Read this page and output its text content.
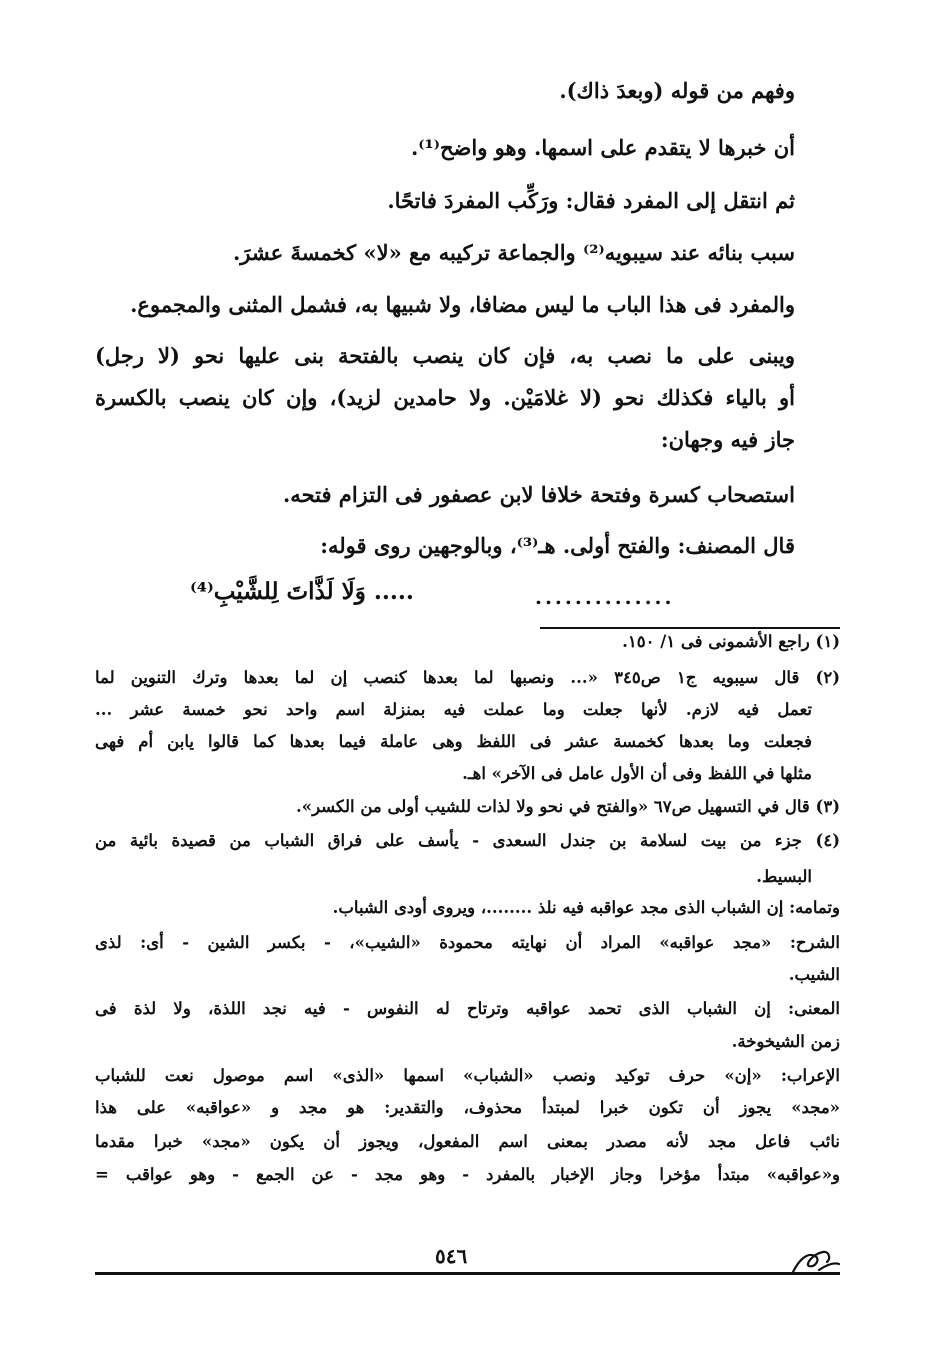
وفهم من قوله (وبعدَ ذاك).
أن خبرها لا يتقدم على اسمها. وهو واضح⁽¹⁾.
ثم انتقل إلى المفرد فقال: ورَكِّب المفردَ فاتحًا.
سبب بنائه عند سيبويه⁽²⁾ والجماعة تركيبه مع «لا» كخمسةَ عشرَ.
والمفرد فى هذا الباب ما ليس مضافا، ولا شبيها به، فشمل المثنى والمجموع.
ويبنى على ما نصب به، فإن كان ينصب بالفتحة بنى عليها نحو (لا رجل)
أو بالياء فكذلك نحو (لا غلامَيْن. ولا حامدين لزيد)، وإن كان ينصب بالكسرة
جاز فيه وجهان:
استصحاب كسرة وفتحة خلافا لابن عصفور فى التزام فتحه.
قال المصنف: والفتح أولى. هـ⁽³⁾، وبالوجهين روى قوله:
..... وَلَا لَذَّاتَ لِلشَّيْبِ⁽⁴⁾	..............
(١) راجع الأشمونى فى ١/ ١٥٠.
(٢) قال سيبويه ج١ ص٣٤٥ «... ونصبها لما بعدها كنصب إن لما بعدها وترك التنوين لما
تعمل فيه لازم. لأنها جعلت وما عملت فيه بمنزلة اسم واحد نحو خمسة عشر ...
فجعلت وما بعدها كخمسة عشر فى اللفظ وهى عاملة فيما بعدها كما قالوا يابن أم فهى
مثلها في اللفظ وفى أن الأول عامل فى الآخر» اهـ.
(٣) قال في التسهيل ص٦٧ «والفتح في نحو ولا لذات للشيب أولى من الكسر».
(٤) جزء من بيت لسلامة بن جندل السعدى - يأسف على فراق الشباب من قصيدة بائية من
البسيط.
وتمامه: إن الشباب الذى مجد عواقبه فيه نلذ ........، ويروى أودى الشباب.
الشرح: «مجد عواقبه» المراد أن نهايته محمودة «الشيب»، - بكسر الشين - أى: لذى
الشيب.
المعنى: إن الشباب الذى تحمد عواقبه وترتاح له النفوس - فيه نجد اللذة، ولا لذة فى
زمن الشيخوخة.
الإعراب: «إن» حرف توكيد ونصب «الشباب» اسمها «الذى» اسم موصول نعت للشباب
«مجد» يجوز أن تكون خبرا لمبتدأ محذوف، والتقدير: هو مجد و «عواقبه» على هذا
نائب فاعل مجد لأنه مصدر بمعنى اسم المفعول، ويجوز أن يكون «مجد» خبرا مقدما
و«عواقبه» مبتدأ مؤخرا وجاز الإخبار بالمفرد - وهو مجد - عن الجمع - وهو عواقب =
٥٤٦
